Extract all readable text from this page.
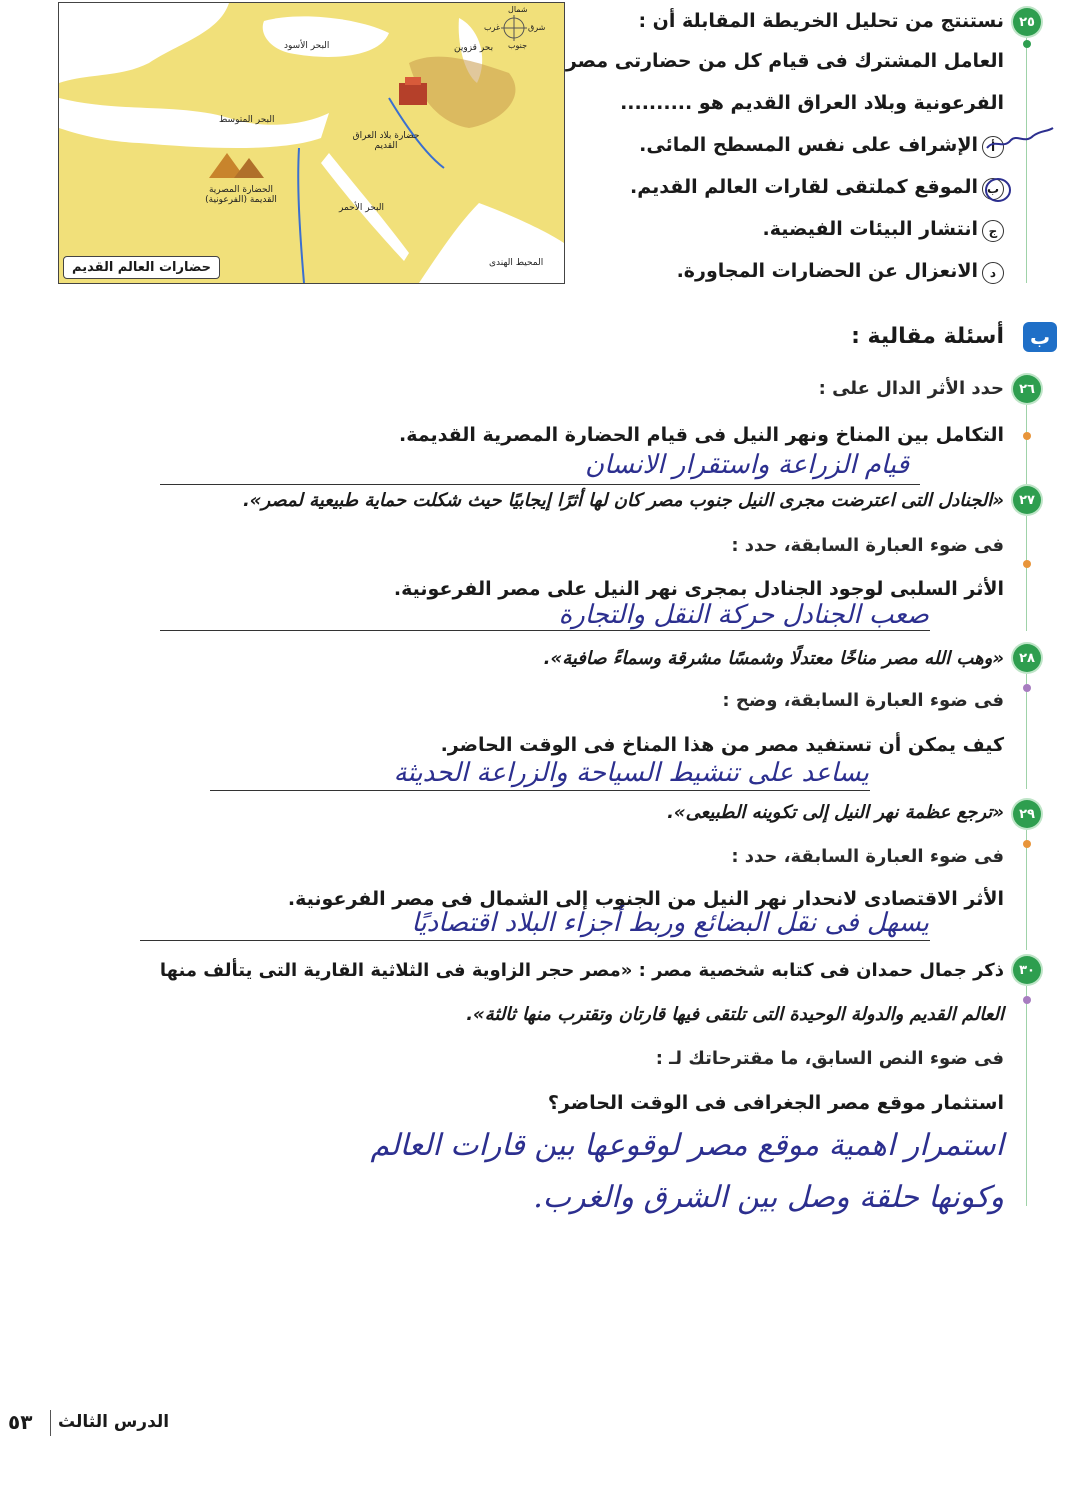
البحر الأسود
البحر المتوسط
الحضارة المصرية القديمة (الفرعونية)
حضارة بلاد العراق القديم
المحيط الهندى
بحر قزوين
البحر الأحمر
شمال
جنوب
شرق
غرب
حضارات العالم القديم
٢٥
نستنتج من تحليل الخريطة المقابلة أن :
العامل المشترك فى قيام كل من حضارتى مصر
الفرعونية وبلاد العراق القديم هو ..........
أالإشراف على نفس المسطح المائى.
بالموقع كملتقى لقارات العالم القديم.
جانتشار البيئات الفيضية.
دالانعزال عن الحضارات المجاورة.
ب
أسئلة مقالية :
٢٦
حدد الأثر الدال على :
التكامل بين المناخ ونهر النيل فى قيام الحضارة المصرية القديمة.
قيام الزراعة واستقرار الانسان
٢٧
«الجنادل التى اعترضت مجرى النيل جنوب مصر كان لها أثرًا إيجابيًا حيث شكلت حماية طبيعية لمصر».
فى ضوء العبارة السابقة، حدد :
الأثر السلبى لوجود الجنادل بمجرى نهر النيل على مصر الفرعونية.
صعب الجنادل حركة النقل والتجارة
٢٨
«وهب الله مصر مناخًا معتدلًا وشمسًا مشرقة وسماءً صافية».
فى ضوء العبارة السابقة، وضح :
كيف يمكن أن تستفيد مصر من هذا المناخ فى الوقت الحاضر.
يساعد على تنشيط السياحة والزراعة الحديثة
٢٩
«ترجع عظمة نهر النيل إلى تكوينه الطبيعى».
فى ضوء العبارة السابقة، حدد :
الأثر الاقتصادى لانحدار نهر النيل من الجنوب إلى الشمال فى مصر الفرعونية.
يسهل فى نقل البضائع وربط أجزاء البلاد اقتصاديًا
٣٠
ذكر جمال حمدان فى كتابه شخصية مصر : «مصر حجر الزاوية فى الثلاثية القارية التى يتألف منها
العالم القديم والدولة الوحيدة التى تلتقى فيها قارتان وتقترب منها ثالثة».
فى ضوء النص السابق، ما مقترحاتك لـ :
استثمار موقع مصر الجغرافى فى الوقت الحاضر؟
استمرار اهمية موقع مصر لوقوعها بين قارات العالم
وكونها حلقة وصل بين الشرق والغرب.
الدرس الثالث
٥٣
